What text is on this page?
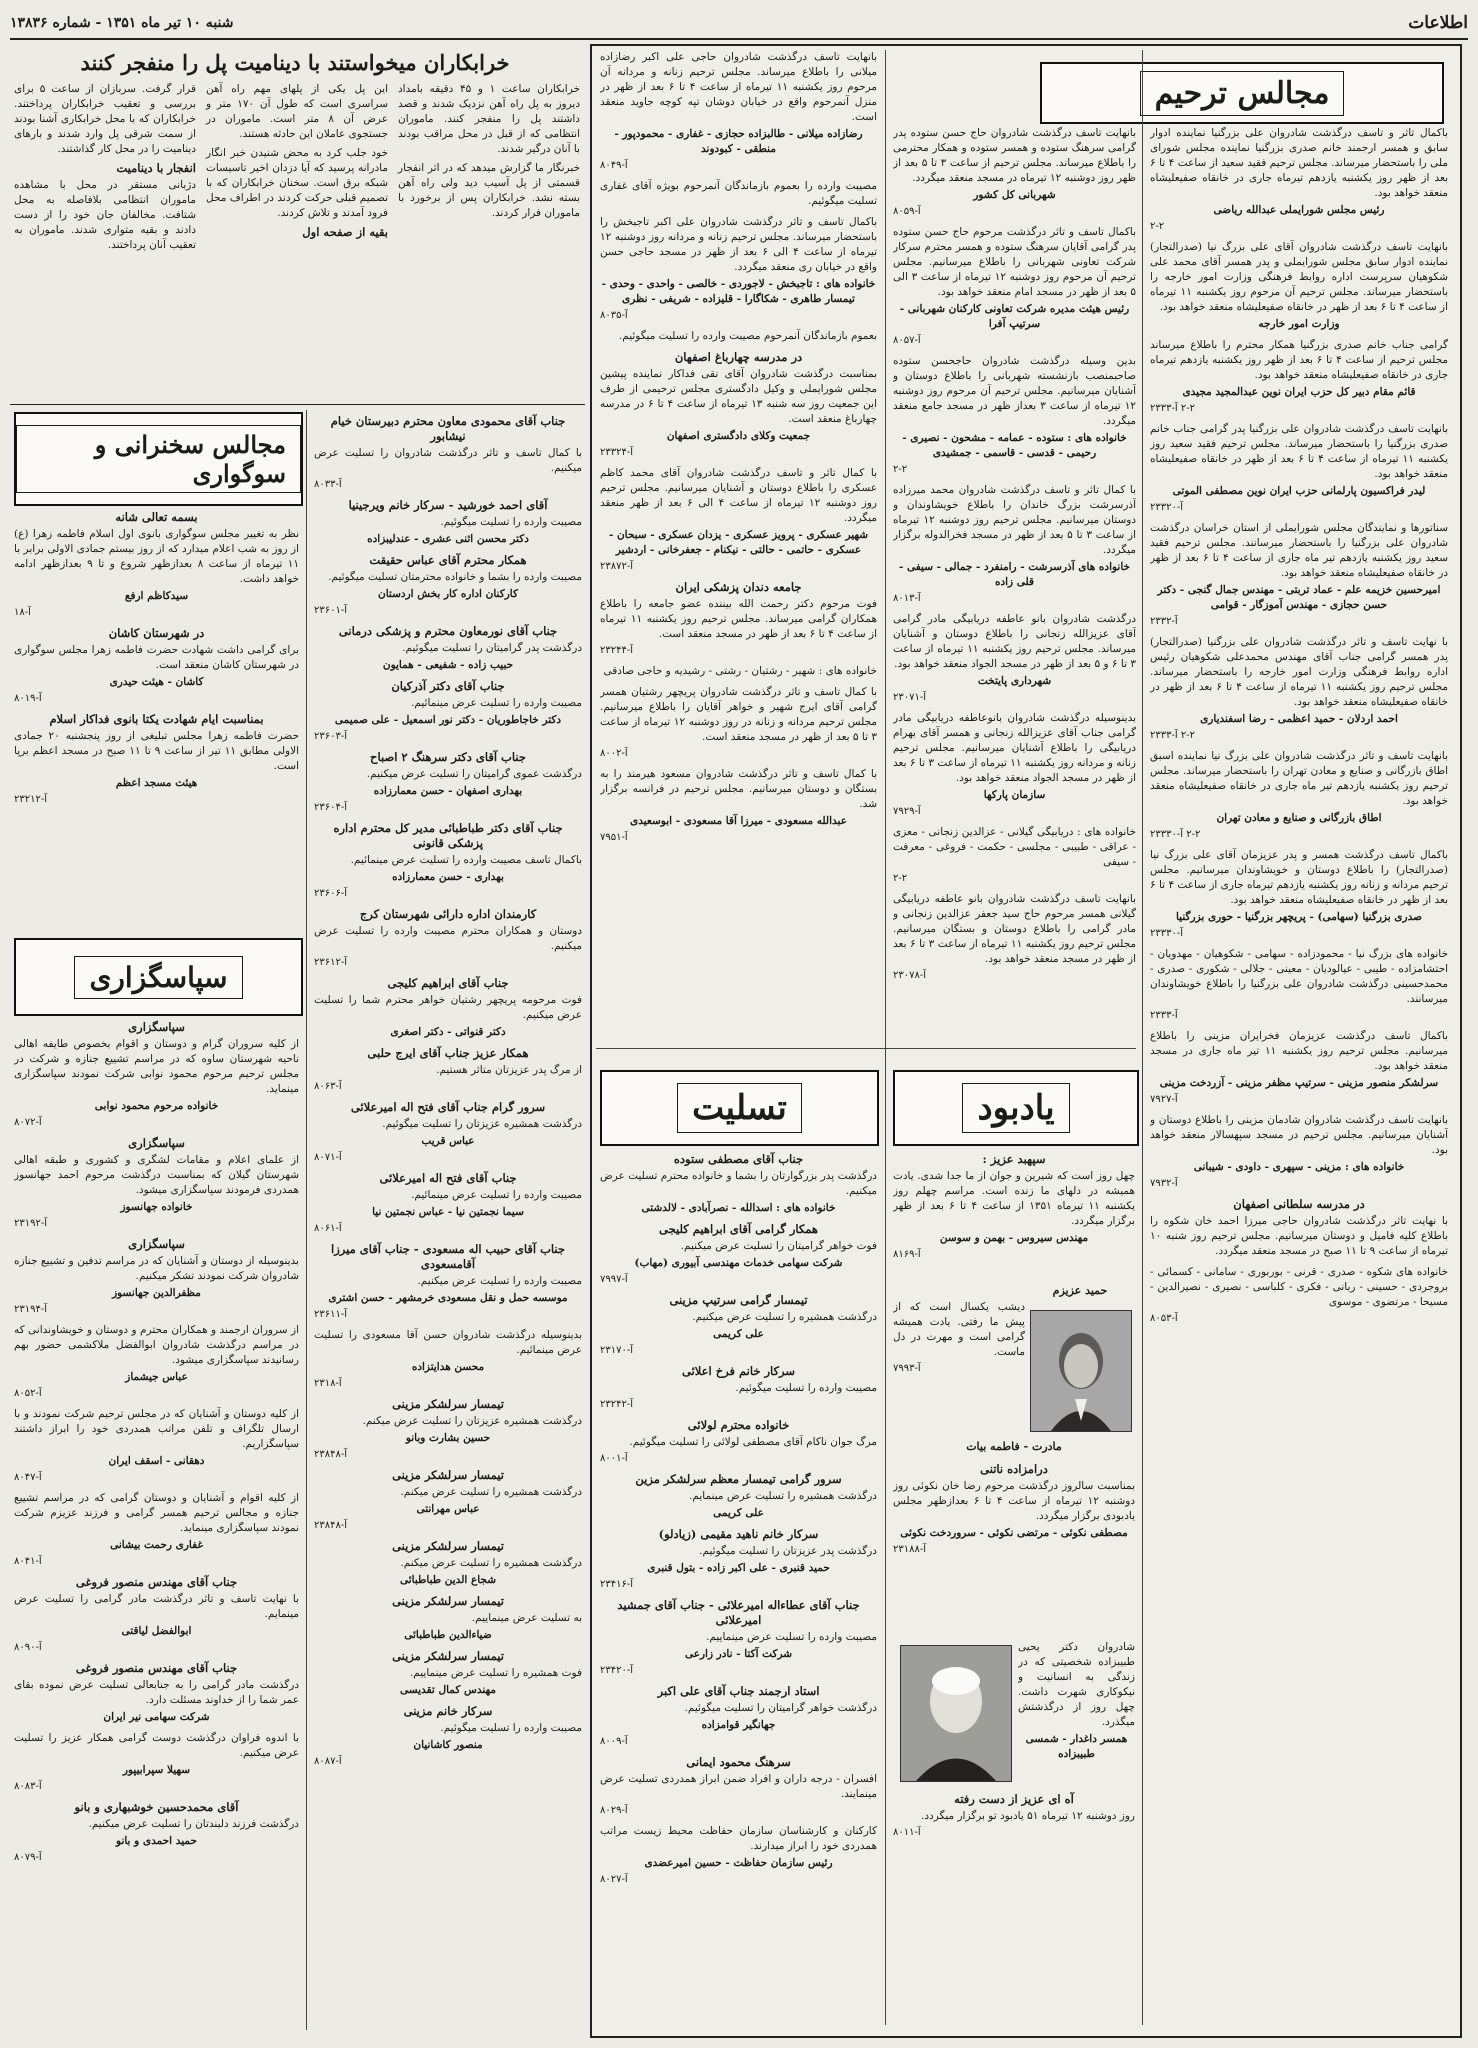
اطلاعات
شنبه ۱۰ تیر ماه ۱۳۵۱ - شماره ۱۳۸۳۶
مجالس ترحیم

باکمال تاثر و تاسف درگذشت شادروان علی بزرگنیا نماینده ادوار سابق و همسر ارجمند خانم صدری بزرگنیا نماینده مجلس شورای ملی را باستحضار میرساند. مجلس ترحیم فقید سعید از ساعت ۴ تا ۶ بعد از ظهر روز یکشنبه یازدهم تیرماه جاری در خانقاه صفیعلیشاه منعقد خواهد بود.

رئیس مجلس شورایملی عبدالله ریاضی
۲-۲

بانهایت تاسف درگذشت شادروان آقای علی بزرگ نیا (صدرالتجار) نماینده ادوار سابق مجلس شورایملی و پدر همسر آقای محمد علی شکوهیان سرپرست اداره روابط فرهنگی وزارت امور خارجه را باستحضار میرساند. مجلس ترحیم آن مرحوم روز یکشنبه ۱۱ تیرماه از ساعت ۴ تا ۶ بعد از ظهر در خانقاه صفیعلیشاه منعقد خواهد بود.

وزارت امور خارجه

گرامی جناب خانم صدری بزرگنیا همکار محترم را باطلاع میرساند مجلس ترحیم از ساعت ۴ تا ۶ بعد از ظهر روز یکشنبه یازدهم تیرماه جاری در خانقاه صفیعلیشاه منعقد خواهد بود.

قائم مقام دبیر کل حزب ایران نوین عبدالمجید مجیدی
۲-۲ آ-۲۳۳۳

بانهایت تاسف درگذشت شادروان علی بزرگنیا پدر گرامی جناب خانم صدری بزرگنیا را باستحضار میرساند. مجلس ترحیم فقید سعید روز یکشنبه ۱۱ تیرماه از ساعت ۴ تا ۶ بعد از ظهر در خانقاه صفیعلیشاه منعقد خواهد بود.

لیدر فراکسیون پارلمانی حزب ایران نوین مصطفی الموتی
آ-۲۳۳۲۰

سناتورها و نمایندگان مجلس شورایملی از استان خراسان درگذشت شادروان علی بزرگنیا را باستحضار میرسانند. مجلس ترحیم فقید سعید روز یکشنبه یازدهم تیر ماه جاری از ساعت ۴ تا ۶ بعد از ظهر در خانقاه صفیعلیشاه منعقد خواهد بود.

امیرحسین خزیمه علم - عماد تربتی - مهندس جمال گنجی - دکتر حسن حجازی - مهندس آموزگار - قوامی
آ-۲۳۳۲

با نهایت تاسف و تاثر درگذشت شادروان علی بزرگنیا (صدرالتجار) پدر همسر گرامی جناب آقای مهندس محمدعلی شکوهیان رئیس اداره روابط فرهنگی وزارت امور خارجه را باستحضار میرساند. مجلس ترحیم روز یکشنبه ۱۱ تیرماه از ساعت ۴ تا ۶ بعد از ظهر در خانقاه صفیعلیشاه منعقد خواهد بود.

احمد اردلان - حمید اعظمی - رضا اسفندیاری
۲-۲ آ-۲۳۳۳

بانهایت تاسف و تاثر درگذشت شادروان علی بزرگ نیا نماینده اسبق اطاق بازرگانی و صنایع و معادن تهران را باستحضار میرساند. مجلس ترحیم روز یکشنبه یازدهم تیر ماه جاری در خانقاه صفیعلیشاه منعقد خواهد بود.

اطاق بازرگانی و صنایع و معادن تهران
۲-۲ آ-۲۳۳۳۰

باکمال تاسف درگذشت همسر و پدر عزیزمان آقای علی بزرگ نیا (صدرالتجار) را باطلاع دوستان و خویشاوندان میرسانیم. مجلس ترحیم مردانه و زنانه روز یکشنبه یازدهم تیرماه جاری از ساعت ۴ تا ۶ بعد از ظهر در خانقاه صفیعلیشاه منعقد خواهد بود.

صدری بزرگنیا (سهامی) - پریچهر بزرگنیا - حوری بزرگنیا
آ-۲۳۳۳۰

خانواده های بزرگ نیا - محمودزاده - سهامی - شکوهیان - مهدویان - احتشامزاده - طیبی - عیالودیان - معینی - جلالی - شکوری - صدری - محمدحسینی درگذشت شادروان علی بزرگنیا را باطلاع خویشاوندان میرسانند.

آ-۲۳۳۳

باکمال تاسف درگذشت عزیزمان فخرایران مزینی را باطلاع میرسانیم. مجلس ترحیم روز یکشنبه ۱۱ تیر ماه جاری در مسجد منعقد خواهد بود.

سرلشکر منصور مزینی - سرتیپ مظفر مزینی - آزردخت مزینی
آ-۷۹۲۷

بانهایت تاسف درگذشت شادروان شادمان مزینی را باطلاع دوستان و آشنایان میرسانیم. مجلس ترحیم در مسجد سپهسالار منعقد خواهد بود.

خانواده های : مزینی - سپهری - داودی - شیبانی
آ-۷۹۳۲
در مدرسه سلطانی اصفهان

با نهایت تاثر درگذشت شادروان حاجی میرزا احمد خان شکوه را باطلاع کلیه فامیل و دوستان میرسانیم. مجلس ترحیم روز شنبه ۱۰ تیرماه از ساعت ۹ تا ۱۱ صبح در مسجد منعقد میگردد.

خانواده های شکوه - صدری - قرنی - بوربوری - سامانی - کسمائی - بروجردی - حسینی - ربانی - فکری - کلباسی - نصیری - نصیرالدین - مسیحا - مرتضوی - موسوی

آ-۸۰۵۳

بانهایت تاسف درگذشت شادروان حاج حسن ستوده پدر گرامی سرهنگ ستوده و همسر ستوده و همکار محترمی را باطلاع میرساند. مجلس ترحیم از ساعت ۳ تا ۵ بعد از ظهر روز دوشنبه ۱۲ تیرماه در مسجد منعقد میگردد.

شهربانی کل کشور
آ-۸۰۵۹

باکمال تاسف و تاثر درگذشت مرحوم حاج حسن ستوده پدر گرامی آقایان سرهنگ ستوده و همسر محترم سرکار شرکت تعاونی شهربانی را باطلاع میرسانیم. مجلس ترحیم آن مرحوم روز دوشنبه ۱۲ تیرماه از ساعت ۳ الی ۵ بعد از ظهر در مسجد امام منعقد خواهد بود.

رئیس هیئت مدیره شرکت تعاونی کارکنان شهربانی - سرتیپ آفرا
آ-۸۰۵۷

بدین وسیله درگذشت شادروان حاجحسن ستوده صاحبمنصب بازنشسته شهربانی را باطلاع دوستان و آشنایان میرسانیم. مجلس ترحیم آن مرحوم روز دوشنبه ۱۲ تیرماه از ساعت ۳ بعداز ظهر در مسجد جامع منعقد میگردد.

خانواده های : ستوده - عمامه - مشحون - نصیری - رحیمی - قدسی - قاسمی - جمشیدی
۲-۲

با کمال تاثر و تاسف درگذشت شادروان محمد میرزاده آذرسرشت بزرگ خاندان را باطلاع خویشاوندان و دوستان میرسانیم. مجلس ترحیم روز دوشنبه ۱۲ تیرماه از ساعت ۳ تا ۵ بعد از ظهر در مسجد فخرالدوله برگزار میگردد.

خانواده های آذرسرشت - رامنفرد - جمالی - سیفی - قلی زاده
آ-۸۰۱۳

درگذشت شادروان بانو عاطفه دریابیگی مادر گرامی آقای عزیزالله زنجانی را باطلاع دوستان و آشنایان میرساند. مجلس ترحیم روز یکشنبه ۱۱ تیرماه از ساعت ۳ تا ۶ و ۵ بعد از ظهر در مسجد الجواد منعقد خواهد بود.

شهرداری پایتخت
آ-۲۳۰۷۱

بدینوسیله درگذشت شادروان بانوعاطفه دریابیگی مادر گرامی جناب آقای عزیزالله زنجانی و همسر آقای بهرام دریابیگی را باطلاع آشنایان میرسانیم. مجلس ترحیم زنانه و مردانه روز یکشنبه ۱۱ تیرماه از ساعت ۳ تا ۶ بعد از ظهر در مسجد الجواد منعقد خواهد بود.

سازمان پارکها
آ-۷۹۲۹

خانواده های : دریابیگی گیلانی - عزالدین زنجانی - معزی - عراقی - طبیبی - مجلسی - حکمت - فروغی - معرفت - سیفی

۲-۲

بانهایت تاسف درگذشت شادروان بانو عاطفه دریابیگی گیلانی همسر مرحوم حاج سید جعفر عزالدین زنجانی و مادر گرامی را باطلاع دوستان و بستگان میرسانیم. مجلس ترحیم روز یکشنبه ۱۱ تیرماه از ساعت ۳ تا ۶ بعد از ظهر در مسجد منعقد خواهد بود.

آ-۲۳۰۷۸

بانهایت تاسف درگذشت شادروان حاجی علی اکبر رضازاده میلانی را باطلاع میرساند. مجلس ترحیم زنانه و مردانه آن مرحوم روز یکشنبه ۱۱ تیرماه از ساعت ۴ تا ۶ بعد از ظهر در منزل آنمرحوم واقع در خیابان دوشان تپه کوچه جاوید منعقد است.

رضازاده میلانی - طالبزاده حجازی - غفاری - محمودپور - منطقی - کبودوند
آ-۸۰۴۹

مصیبت وارده را بعموم بازماندگان آنمرحوم بویژه آقای غفاری تسلیت میگوئیم.

باکمال تاسف و تاثر درگذشت شادروان علی اکبر تاجبخش را باستحضار میرساند. مجلس ترحیم زنانه و مردانه روز دوشنبه ۱۲ تیرماه از ساعت ۴ الی ۶ بعد از ظهر در مسجد حاجی حسن واقع در خیابان ری منعقد میگردد.

خانواده های : تاجبخش - لاجوردی - خالصی - واحدی - وحدی - تیمسار طاهری - شکاگارا - قلیزاده - شریفی - نظری
آ-۸۰۳۵

بعموم بازماندگان آنمرحوم مصیبت وارده را تسلیت میگوئیم.

در مدرسه چهارباغ اصفهان

بمناسبت درگذشت شادروان آقای نقی فداکار نماینده پیشین مجلس شورایملی و وکیل دادگستری مجلس ترحیمی از طرف این جمعیت روز سه شنبه ۱۳ تیرماه از ساعت ۴ تا ۶ در مدرسه چهارباغ منعقد است.

جمعیت وکلای دادگستری اصفهان
آ-۲۳۳۲۴

با کمال تاثر و تاسف درگذشت شادروان آقای محمد کاظم عسکری را باطلاع دوستان و آشنایان میرسانیم. مجلس ترحیم روز دوشنبه ۱۲ تیرماه از ساعت ۴ الی ۶ بعد از ظهر منعقد میگردد.

شهیر عسکری - پرویز عسکری - یزدان عسکری - سبحان - عسکری - حاتمی - حالتی - نیکنام - جعفرخانی - اردشیر
آ-۲۳۸۷۲
جامعه دندان پزشکی ایران

فوت مرحوم دکتر رحمت الله بیننده عضو جامعه را باطلاع همکاران گرامی میرساند. مجلس ترحیم روز یکشنبه ۱۱ تیرماه از ساعت ۴ تا ۶ بعد از ظهر در مسجد منعقد است.

آ-۲۳۲۴۴

خانواده های : شهیر - رشتیان - رشتی - رشیدیه و حاجی صادقی

با کمال تاسف و تاثر درگذشت شادروان پریچهر رشتیان همسر گرامی آقای ایرج شهیر و خواهر آقایان را باطلاع میرسانیم. مجلس ترحیم مردانه و زنانه در روز دوشنبه ۱۲ تیرماه از ساعت ۳ تا ۵ بعد از ظهر در مسجد منعقد است.

آ-۸۰۰۲

با کمال تاسف و تاثر درگذشت شادروان مسعود هیرمند را به بستگان و دوستان میرسانیم. مجلس ترحیم در فرانسه برگزار شد.

عبدالله مسعودی - میرزا آقا مسعودی - ابوسعیدی
آ-۷۹۵۱
تسلیت	یادبود
جناب آقای مصطفی ستوده

درگذشت پدر بزرگوارتان را بشما و خانواده محترم تسلیت عرض میکنیم.

خانواده های : اسدالله - نصرآبادی - لالدشتی
همکار گرامی آقای ابراهیم کلیجی

فوت خواهر گرامیتان را تسلیت عرض میکنیم.

شرکت سهامی خدمات مهندسی آبیوری (مهاب)
آ-۷۹۹۷
تیمسار گرامی سرتیپ مزینی

درگذشت همشیره را تسلیت عرض میکنیم.

علی کریمی
آ-۲۳۱۷۰
سرکار خانم فرخ اعلائی

مصیبت وارده را تسلیت میگوئیم.

آ-۲۳۲۴۲
خانواده محترم لولائی

مرگ جوان ناکام آقای مصطفی لولائی را تسلیت میگوئیم.

آ-۸۰۰۱
سرور گرامی تیمسار معظم سرلشکر مزین

درگذشت همشیره را تسلیت عرض مینمایم.

علی کریمی
سرکار خانم ناهید مقیمی (زیادلو)

درگذشت پدر عزیزتان را تسلیت میگوئیم.

حمید قنبری - علی اکبر زاده - بتول قنبری
آ-۲۳۴۱۶
جناب آقای عطاءاله امیرعلائی - جناب آقای جمشید امیرعلائی

مصیبت وارده را تسلیت عرض مینماییم.

شرکت آکتا - نادر زارعی
آ-۲۳۴۲۰
استاد ارجمند جناب آقای علی اکبر

درگذشت خواهر گرامیتان را تسلیت میگوئیم.

جهانگیر قوامزاده
آ-۸۰۰۹
سرهنگ محمود ایمانی

افسران - درجه داران و افراد ضمن ابراز همدردی تسلیت عرض مینمایند.

آ-۸۰۲۹

کارکنان و کارشناسان سازمان حفاظت محیط زیست مراتب همدردی خود را ابراز میدارند.

رئیس سازمان حفاظت - حسین امیرعضدی
آ-۸۰۲۷
سپهبد عزیز :

چهل روز است که شیرین و جوان از ما جدا شدی. یادت همیشه در دلهای ما زنده است. مراسم چهلم روز یکشنبه ۱۱ تیرماه ۱۳۵۱ از ساعت ۴ تا ۶ بعد از ظهر برگزار میگردد.

مهندس سیروس - بهمن و سوسن
آ-۸۱۶۹
حمید عزیزم

دیشب یکسال است که از پیش ما رفتی. یادت همیشه گرامی است و مهرت در دل ماست.

آ-۷۹۹۳
مادرت - فاطمه بیات
درامزاده ناتنی

بمناسبت سالروز درگذشت مرحوم رضا خان نکوئی روز دوشنبه ۱۲ تیرماه از ساعت ۴ تا ۶ بعدازظهر مجلس یادبودی برگزار میگردد.

مصطفی نکوئی - مرتضی نکوئی - سروردخت نکوئی
آ-۲۳۱۸۸

شادروان دکتر یحیی طبیبزاده شخصیتی که در زندگی به انسانیت و نیکوکاری شهرت داشت. چهل روز از درگذشتش میگذرد.

همسر داغدار - شمسی طبیبزاده
آه ای عزیز از دست رفته

روز دوشنبه ۱۲ تیرماه ۵۱ یادبود تو برگزار میگردد.

آ-۸۰۱۱
خرابکاران میخواستند با دینامیت پل را منفجر کنند

خرابکاران ساعت ۱ و ۴۵ دقیقه بامداد دیروز به پل راه آهن نزدیک شدند و قصد داشتند پل را منفجر کنند. ماموران انتظامی که از قبل در محل مراقب بودند با آنان درگیر شدند.

خبرنگار ما گزارش میدهد که در اثر انفجار قسمتی از پل آسیب دید ولی راه آهن بسته نشد. خرابکاران پس از برخورد با ماموران فرار کردند.

این پل یکی از پلهای مهم راه آهن سراسری است که طول آن ۱۷۰ متر و عرض آن ۸ متر است. ماموران در جستجوی عاملان این حادثه هستند.

خود جلب کرد به محض شنیدن خبر انگار مادرانه پرسید که آیا دزدان اخیر تاسیسات شبکه برق است. سخنان خرابکاران که با تصمیم قبلی حرکت کردند در اطراف محل فرود آمدند و تلاش کردند.

بقیه از صفحه اول

قرار گرفت. سربازان از ساعت ۵ برای بررسی و تعقیب خرابکاران پرداختند. خرابکاران که با محل خرابکاری آشنا بودند از سمت شرقی پل وارد شدند و بارهای دینامیت را در محل کار گذاشتند.

انفجار با دینامیت

دژبانی مستقر در محل با مشاهده ماموران انتظامی بلافاصله به محل شتافت. مخالفان جان خود را از دست دادند و بقیه متواری شدند. ماموران به تعقیب آنان پرداختند.

مجالس سخنرانی و سوگواری
بسمه تعالی شانه

نظر به تغییر مجلس سوگواری بانوی اول اسلام فاطمه زهرا (ع) از روز به شب اعلام میدارد که از روز بیستم جمادی الاولی برابر با ۱۱ تیرماه از ساعت ۸ بعدازظهر شروع و تا ۹ بعدازظهر ادامه خواهد داشت.

سیدکاظم ارفع
آ-۱۸
در شهرستان کاشان

برای گرامی داشت شهادت حضرت فاطمه زهرا مجلس سوگواری در شهرستان کاشان منعقد است.

کاشان - هیئت حیدری
آ-۸۰۱۹
بمناسبت ایام شهادت یکتا بانوی فداکار اسلام

حضرت فاطمه زهرا مجلس تبلیغی از روز پنجشنبه ۲۰ جمادی الاولی مطابق ۱۱ تیر از ساعت ۹ تا ۱۱ صبح در مسجد اعظم برپا است.

هیئت مسجد اعظم
آ-۲۳۲۱۲
سپاسگزاری
سپاسگزاری

از کلیه سروران گرام و دوستان و اقوام بخصوص طایفه اهالی ناحیه شهرستان ساوه که در مراسم تشییع جنازه و شرکت در مجلس ترحیم مرحوم محمود نوابی شرکت نمودند سپاسگزاری مینماید.

خانواده مرحوم محمود نوابی
آ-۸۰۷۲
سپاسگزاری

از علمای اعلام و مقامات لشگری و کشوری و طبقه اهالی شهرستان گیلان که بمناسبت درگذشت مرحوم احمد جهانسوز همدردی فرمودند سپاسگزاری میشود.

خانواده جهانسوز
آ-۲۳۱۹۲
سپاسگزاری

بدینوسیله از دوستان و آشنایان که در مراسم تدفین و تشییع جنازه شادروان شرکت نمودند تشکر میکنیم.

مظفرالدین جهانسوز
آ-۲۳۱۹۴

از سروران ارجمند و همکاران محترم و دوستان و خویشاوندانی که در مراسم درگذشت شادروان ابوالفضل ملاکشمی حضور بهم رسانیدند سپاسگزاری میشود.

عباس جیشماز
آ-۸۰۵۲

از کلیه دوستان و آشنایان که در مجلس ترحیم شرکت نمودند و با ارسال تلگراف و تلفن مراتب همدردی خود را ابراز داشتند سپاسگزاریم.

دهقانی - اسقف ایران
آ-۸۰۴۷

از کلیه اقوام و آشنایان و دوستان گرامی که در مراسم تشییع جنازه و مجالس ترحیم همسر گرامی و فرزند عزیزم شرکت نمودند سپاسگزاری مینماید.

غفاری رحمت بیشانی
آ-۸۰۴۱
جناب آقای مهندس منصور فروغی

با نهایت تاسف و تاثر درگذشت مادر گرامی را تسلیت عرض مینمایم.

ابوالفضل لیاقتی
آ-۸۰۹۰
جناب آقای مهندس منصور فروغی

درگذشت مادر گرامی را به جنابعالی تسلیت عرض نموده بقای عمر شما را از خداوند مسئلت دارد.

شرکت سهامی نیر ایران

با اندوه فراوان درگذشت دوست گرامی همکار عزیز را تسلیت عرض میکنیم.

سهیلا سپرابیپور
آ-۸۰۸۳
آقای محمدحسین خوشبهاری و بانو

درگذشت فرزند دلبندتان را تسلیت عرض میکنیم.

حمید احمدی و بانو
آ-۸۰۷۹
جناب آقای محمودی معاون محترم دبیرستان خیام نیشابور

با کمال تاسف و تاثر درگذشت شادروان را تسلیت عرض میکنیم.

آ-۸۰۳۳
آقای احمد خورشید - سرکار خانم ویرجینیا

مصیبت وارده را تسلیت میگوئیم.

دکتر محسن اثنی عشری - عندلیبزاده
همکار محترم آقای عباس حقیقت

مصیبت وارده را بشما و خانواده محترمتان تسلیت میگوئیم.

کارکنان اداره کار بخش اردستان
آ-۲۳۶۰۱
جناب آقای نورمعاون محترم و پزشکی درمانی

درگذشت پدر گرامیتان را تسلیت میگوئیم.

حبیب زاده - شفیعی - همایون
جناب آقای دکتر آذرکیان

مصیبت وارده را تسلیت عرض مینمائیم.

دکتر خاجاطوریان - دکتر نور اسمعیل - علی صمیمی
آ-۲۳۶۰۳
جناب آقای دکتر سرهنگ ۲ اصباح

درگذشت عموی گرامیتان را تسلیت عرض میکنیم.

بهداری اصفهان - حسن معمارزاده
آ-۲۳۶۰۴
جناب آقای دکتر طباطبائی مدیر کل محترم اداره پزشکی قانونی

باکمال تاسف مصیبت وارده را تسلیت عرض مینمائیم.

بهداری - حسن معمارزاده
آ-۲۳۶۰۶
کارمندان اداره دارائی شهرستان کرج

دوستان و همکاران محترم مصیبت وارده را تسلیت عرض میکنیم.

آ-۲۳۶۱۲
جناب آقای ابراهیم کلیجی

فوت مرحومه پریچهر رشتیان خواهر محترم شما را تسلیت عرض میکنیم.

دکتر قنواتی - دکتر اصغری
همکار عزیز جناب آقای ایرج حلبی

از مرگ پدر عزیزتان متاثر هستیم.

آ-۸۰۶۳
سرور گرام جناب آقای فتح اله امیرعلائی

درگذشت همشیره عزیزتان را تسلیت میگوئیم.

عباس قریب
آ-۸۰۷۱
جناب آقای فتح اله امیرعلائی

مصیبت وارده را تسلیت عرض مینمائیم.

سیما نجمتین نیا - عباس نجمتین نیا
آ-۸۰۶۱
جناب آقای حبیب اله مسعودی - جناب آقای میرزا آقامسعودی

مصیبت وارده را تسلیت عرض میکنیم.

موسسه حمل و نقل مسعودی خرمشهر - حسن اشتری
آ-۲۳۶۱۱

بدینوسیله درگذشت شادروان حسن آقا مسعودی را تسلیت عرض مینمائیم.

محسن هدایتزاده
آ-۲۳۱۸
تیمسار سرلشکر مزینی

درگذشت همشیره عزیزتان را تسلیت عرض میکنم.

حسین بشارت وبانو
آ-۲۳۸۴۸
تیمسار سرلشکر مزینی

درگذشت همشیره را تسلیت عرض میکنم.

عباس مهرانتی
آ-۲۳۸۴۸
تیمسار سرلشکر مزینی

درگذشت همشیره را تسلیت عرض میکنم.

شجاع الدین طباطبائی
تیمسار سرلشکر مزینی

به تسلیت عرض مینماییم.

ضیاءالدین طباطبائی
تیمسار سرلشکر مزینی

فوت همشیره را تسلیت عرض مینماییم.

مهندس کمال تقدیسی
سرکار خانم مزینی

مصیبت وارده را تسلیت میگوئیم.

منصور کاشانیان
آ-۸۰۸۷
